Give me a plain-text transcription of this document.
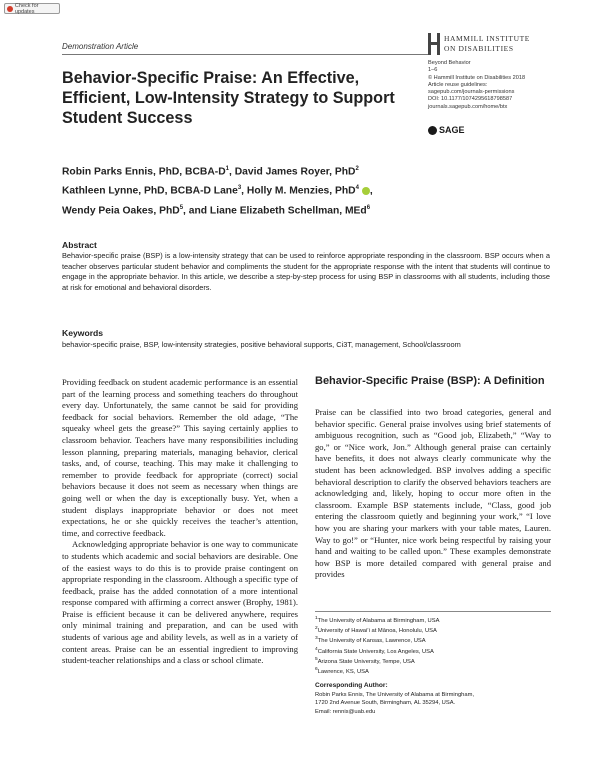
Check for updates
Demonstration Article
HAMMILL INSTITUTE
ON DISABILITIES
Beyond Behavior
1–6
© Hammill Institute on Disabilities 2018
Article reuse guidelines:
sagepub.com/journals-permissions
DOI: 10.1177/1074295618798587
journals.sagepub.com/home/btx
SAGE
Behavior-Specific Praise: An Effective, Efficient, Low-Intensity Strategy to Support Student Success
Robin Parks Ennis, PhD, BCBA-$D^1$, David James Royer, PhD$^2$
Kathleen Lynne, PhD, BCBA-D Lane$^3$, Holly M. Menzies, PhD$^4$ ,
Wendy Peia Oakes, PhD$^5$, and Liane Elizabeth Schellman, MEd$^6$
Abstract
Behavior-specific praise (BSP) is a low-intensity strategy that can be used to reinforce appropriate responding in the classroom. BSP occurs when a teacher observes particular student behavior and compliments the student for the appropriate response with the intent that students will continue to engage in the appropriate behavior. In this article, we describe a step-by-step process for using BSP in classrooms with all students, including those at risk for emotional and behavioral disorders.
Keywords
behavior-specific praise, BSP, low-intensity strategies, positive behavioral supports, Ci3T, management, School/classroom

Providing feedback on student academic performance is an essential part of the learning process and something teachers do throughout every day. Unfortunately, the same cannot be said for providing feedback for social behaviors. Remember the old adage, “The squeaky wheel gets the grease?” This saying certainly applies to classroom behavior. Teachers have many responsibilities including lesson planning, preparing materials, managing behavior, clerical tasks, and, of course, teaching. This may make it challenging to remember to provide feedback for appropriate (correct) social behaviors because it does not seem as necessary when things are going well or when the day is exceptionally busy. Yet, when a student displays inappropriate behavior or does not meet expectations, he or she quickly receives the teacher’s attention, time, and corrective feedback.

Acknowledging appropriate behavior is one way to communicate to students which academic and social behaviors are desirable. One of the easiest ways to do this is to provide praise contingent on appropriate responding in the classroom. Although a specific type of feedback, praise has the added connotation of a more intentional response compared with affirming a correct answer (Brophy, 1981). Praise is efficient because it can be delivered anywhere, requires only minimal training and preparation, and can be used with students of various age and ability levels, as well as in a variety of content areas. Praise can be an essential ingredient to improving student-teacher relationships and a class or school climate.

Behavior-Specific Praise (BSP): A Definition

Praise can be classified into two broad categories, general and behavior specific. General praise involves using brief statements of ambiguous recognition, such as “Good job, Elizabeth,” “Way to go,” or “Nice work, Jon.” Although general praise can certainly have benefits, it does not always clearly communicate why the student has been acknowledged. BSP involves adding a specific behavioral description to clarify the observed behaviors teachers are acknowledging and, likely, hoping to occur more often in the classroom. Example BSP statements include, “Class, good job entering the classroom quietly and beginning your work,” “I love how you are sharing your markers with your table mates, Lauren. Way to go!” or “Hunter, nice work being respectful by raising your hand and waiting to be called upon.” These examples demonstrate how BSP is more detailed compared with general praise and provides

$^1$The University of Alabama at Birmingham, USA
$^2$University of Hawai’i at Mānoa, Honolulu, USA
$^3$The University of Kansas, Lawrence, USA
$^4$California State University, Los Angeles, USA
$^5$Arizona State University, Tempe, USA
$^6$Lawrence, KS, USA
Corresponding Author:
Robin Parks Ennis, The University of Alabama at Birmingham,
1720 2nd Avenue South, Birmingham, AL 35294, USA.
Email: rennis@uab.edu
